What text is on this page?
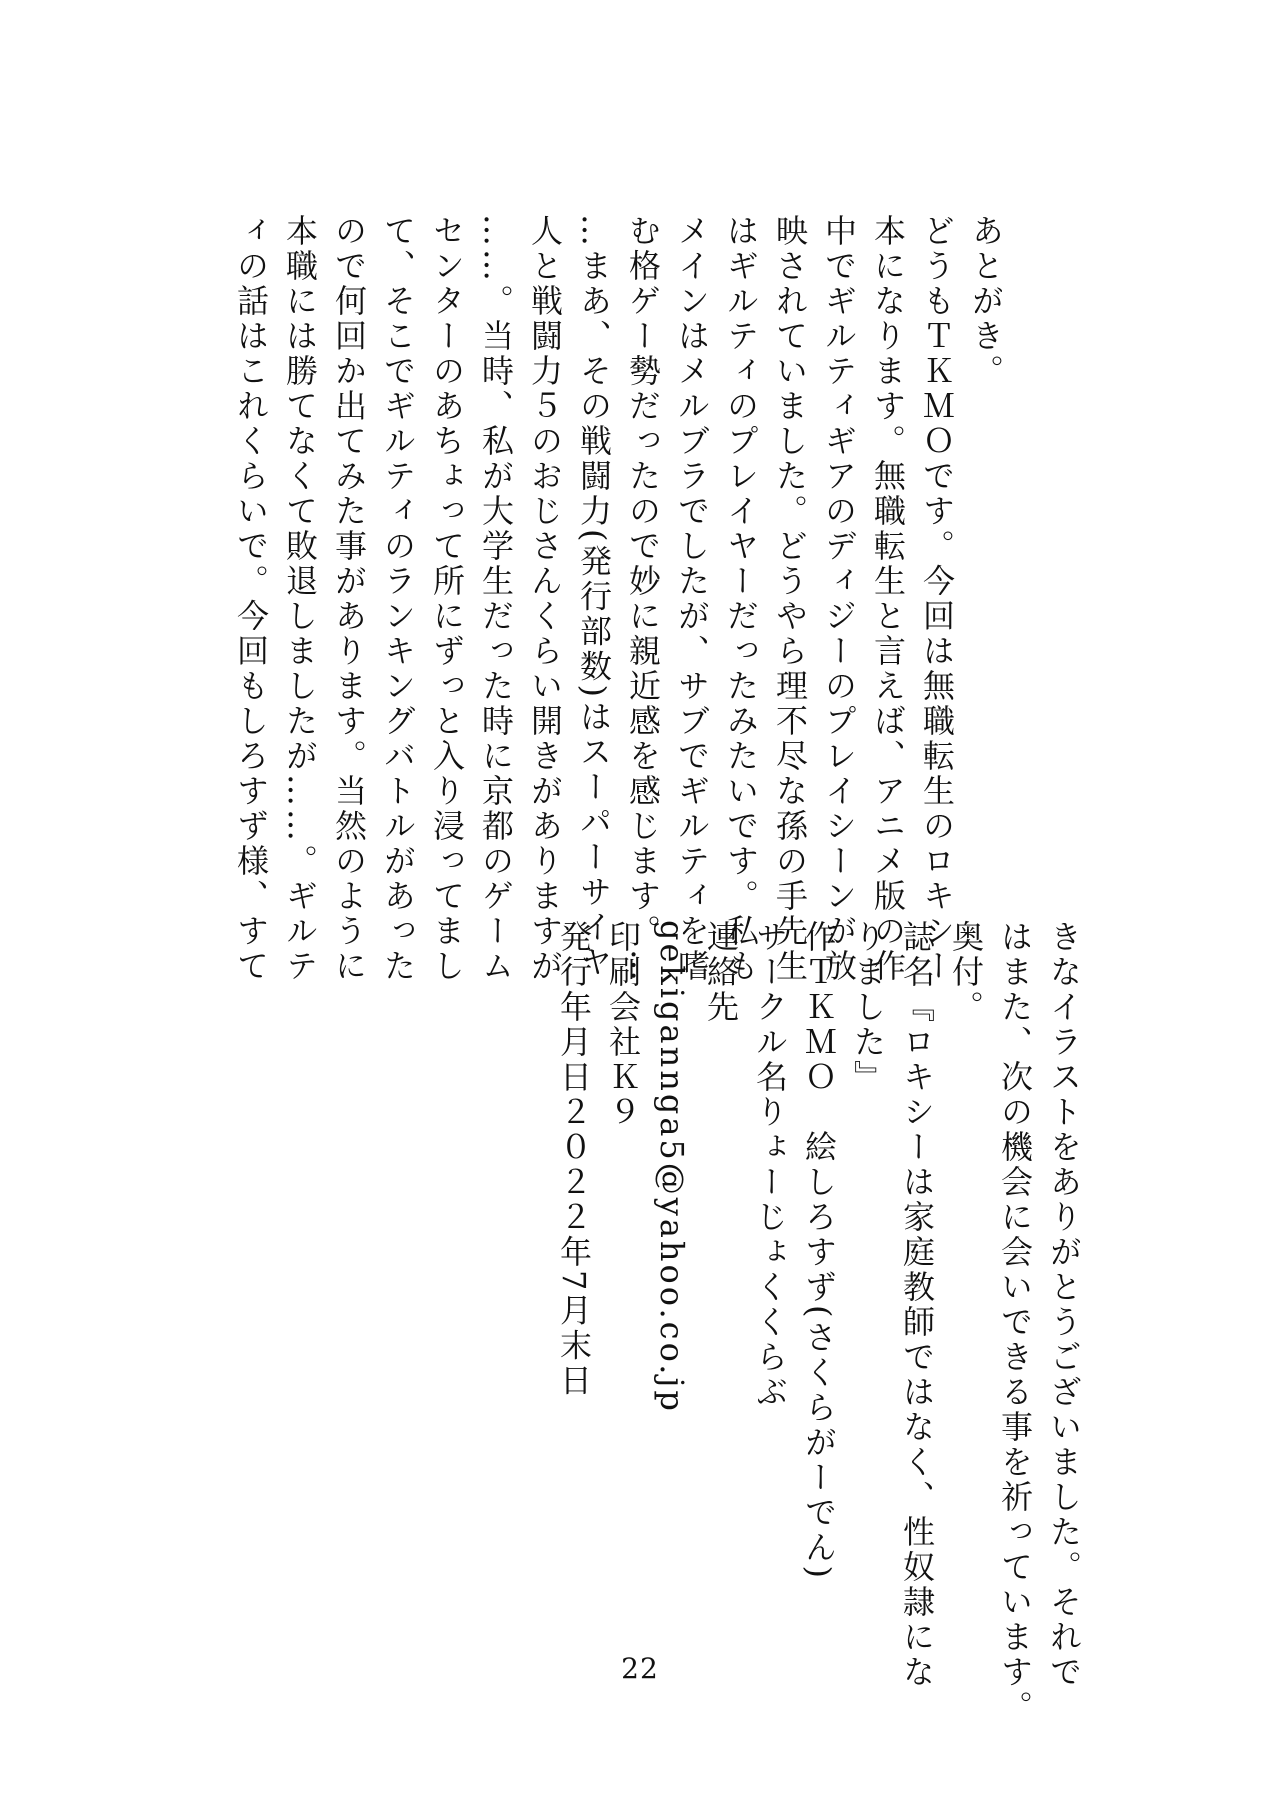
あとがき。
どうもＴＫＭＯです。今回は無職転生のロキシー
本になります。無職転生と言えば、アニメ版の作
中でギルティギアのディジーのプレイシーンが放
映されていました。どうやら理不尽な孫の手先生
はギルティのプレイヤーだったみたいです。私も
メインはメルブラでしたが、サブでギルティを嗜
む格ゲー勢だったので妙に親近感を感じます。…
…まあ、その戦闘力(発行部数)はスーパーサイヤ
人と戦闘力５のおじさんくらい開きがありますが
……。当時、私が大学生だった時に京都のゲーム
センターのあちょって所にずっと入り浸ってまし
て、そこでギルティのランキングバトルがあった
ので何回か出てみた事があります。当然のように
本職には勝てなくて敗退しましたが……。ギルテ
ィの話はこれくらいで。今回もしろすず様、すて
きなイラストをありがとうございました。それで
はまた、次の機会に会いできる事を祈っています。
奥付。
誌名『ロキシーは家庭教師ではなく、性奴隷にな
りました』
作ＴＫＭＯ　絵しろすず(さくらがーでん)
サークル名りょーじょくくらぶ
連絡先
gekigannga5@yahoo.co.jp
印刷会社Ｋ９
発行年月日２０２２年7月末日
22
